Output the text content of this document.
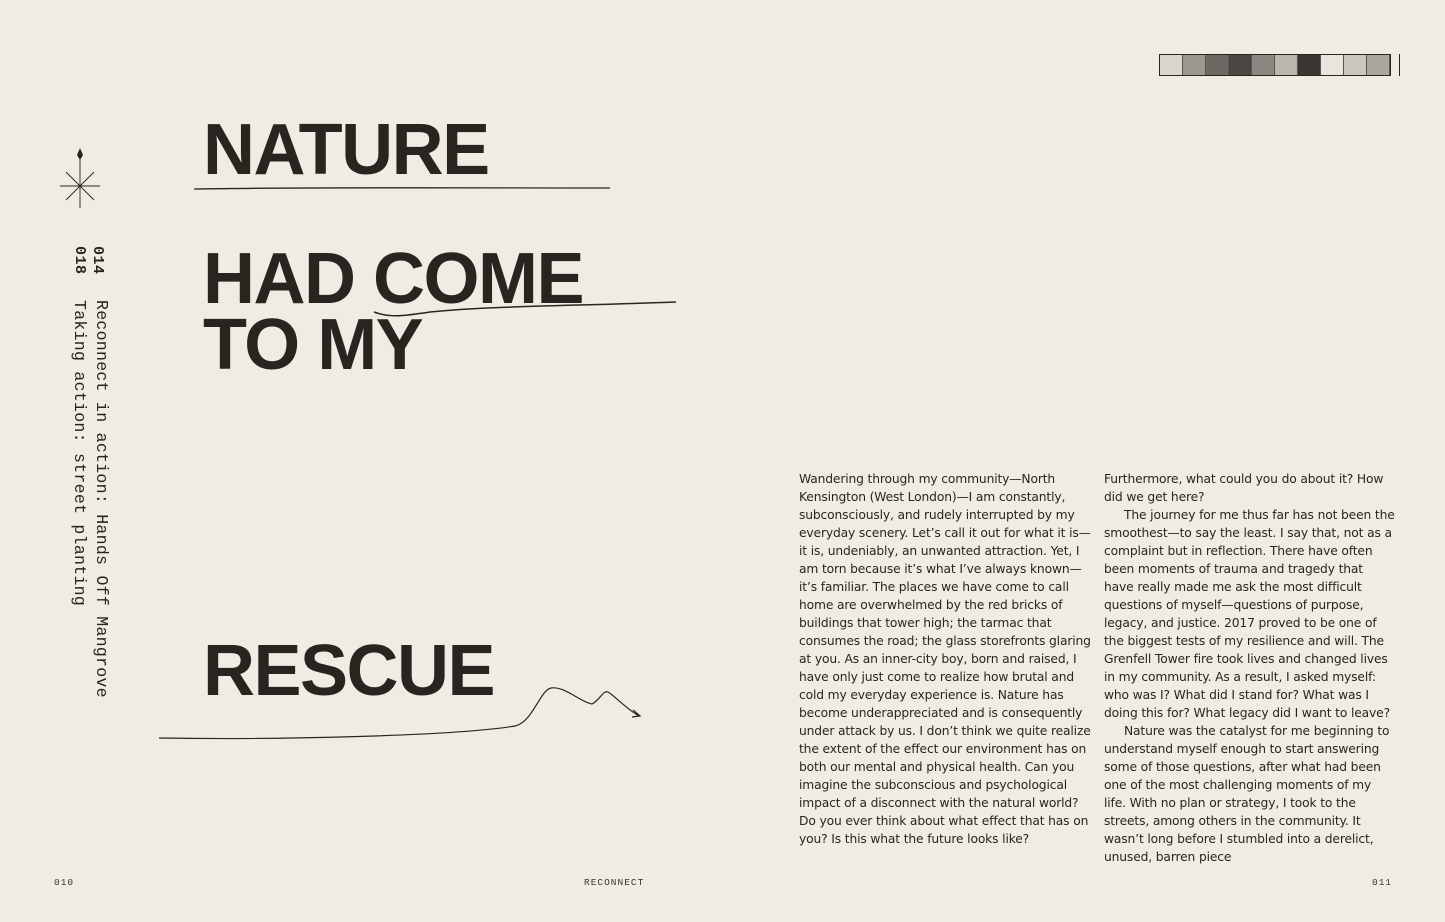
014
018
Reconnect in action: Hands Off Mangrove
Taking action: street planting
NATURE
HAD COME
TO MY
RESCUE

Wandering through my community—North Kensington (West London)—I am constantly, subconsciously, and rudely interrupted by my everyday scenery. Let’s call it out for what it is—it is, undeniably, an unwanted attraction. Yet, I am torn because it’s what I’ve always known—it’s familiar. The places we have come to call home are overwhelmed by the red bricks of buildings that tower high; the tarmac that consumes the road; the glass storefronts glaring at you. As an inner-city boy, born and raised, I have only just come to realize how brutal and cold my everyday experience is. Nature has become underappreciated and is consequently under attack by us. I don’t think we quite realize the extent of the effect our environment has on both our mental and physical health. Can you imagine the subconscious and psychological impact of a disconnect with the natural world? Do you ever think about what effect that has on you? Is this what the future looks like?

Furthermore, what could you do about it? How did we get here?

The journey for me thus far has not been the smoothest—to say the least. I say that, not as a complaint but in reflection. There have often been moments of trauma and tragedy that have really made me ask the most difficult questions of myself—questions of purpose, legacy, and justice. 2017 proved to be one of the biggest tests of my resilience and will. The Grenfell Tower fire took lives and changed lives in my community. As a result, I asked myself: who was I? What did I stand for? What was I doing this for? What legacy did I want to leave?

Nature was the catalyst for me beginning to understand myself enough to start answering some of those questions, after what had been one of the most challenging moments of my life. With no plan or strategy, I took to the streets, among others in the community. It wasn’t long before I stumbled into a derelict, unused, barren piece

010	RECONNECT	011
